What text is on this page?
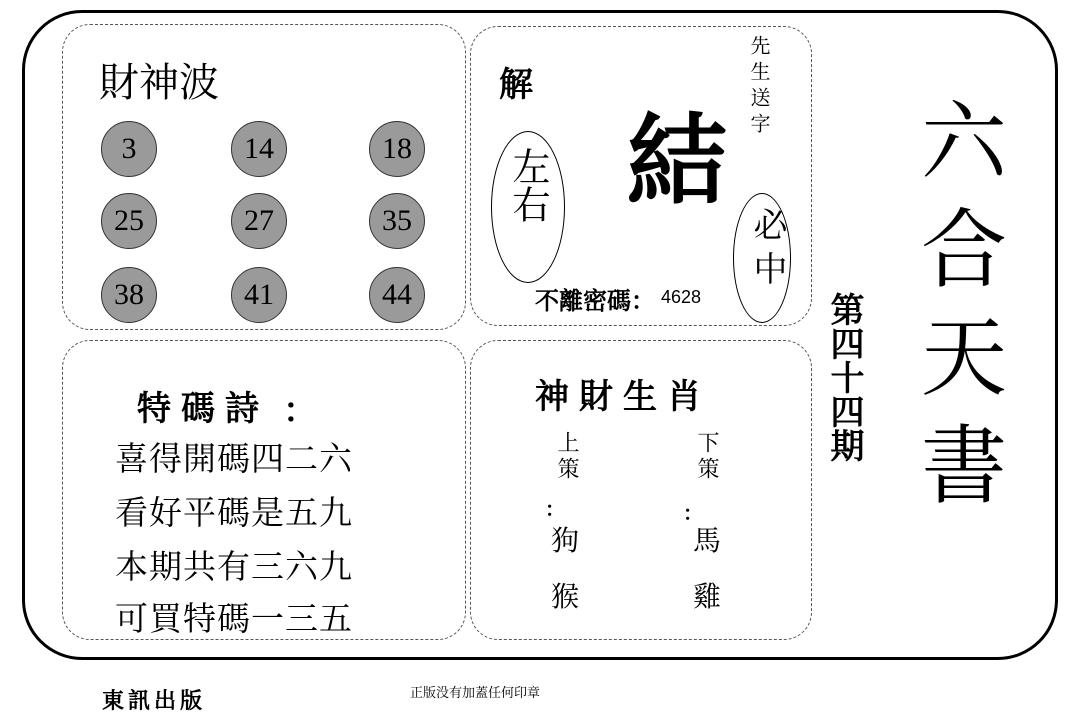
財神波
3	14	18
25	27	35
38	41	44
解
左右 結
先生送字
必中
不離密碼： 4628
特碼詩 ：
喜得開碼四二六
看好平碼是五九
本期共有三六九
可買特碼一三五
神財生肖
上策
：
狗
猴
下策
：
馬
雞
第四十四期 六合天書
東訊出版	正版没有加蓋任何印章
